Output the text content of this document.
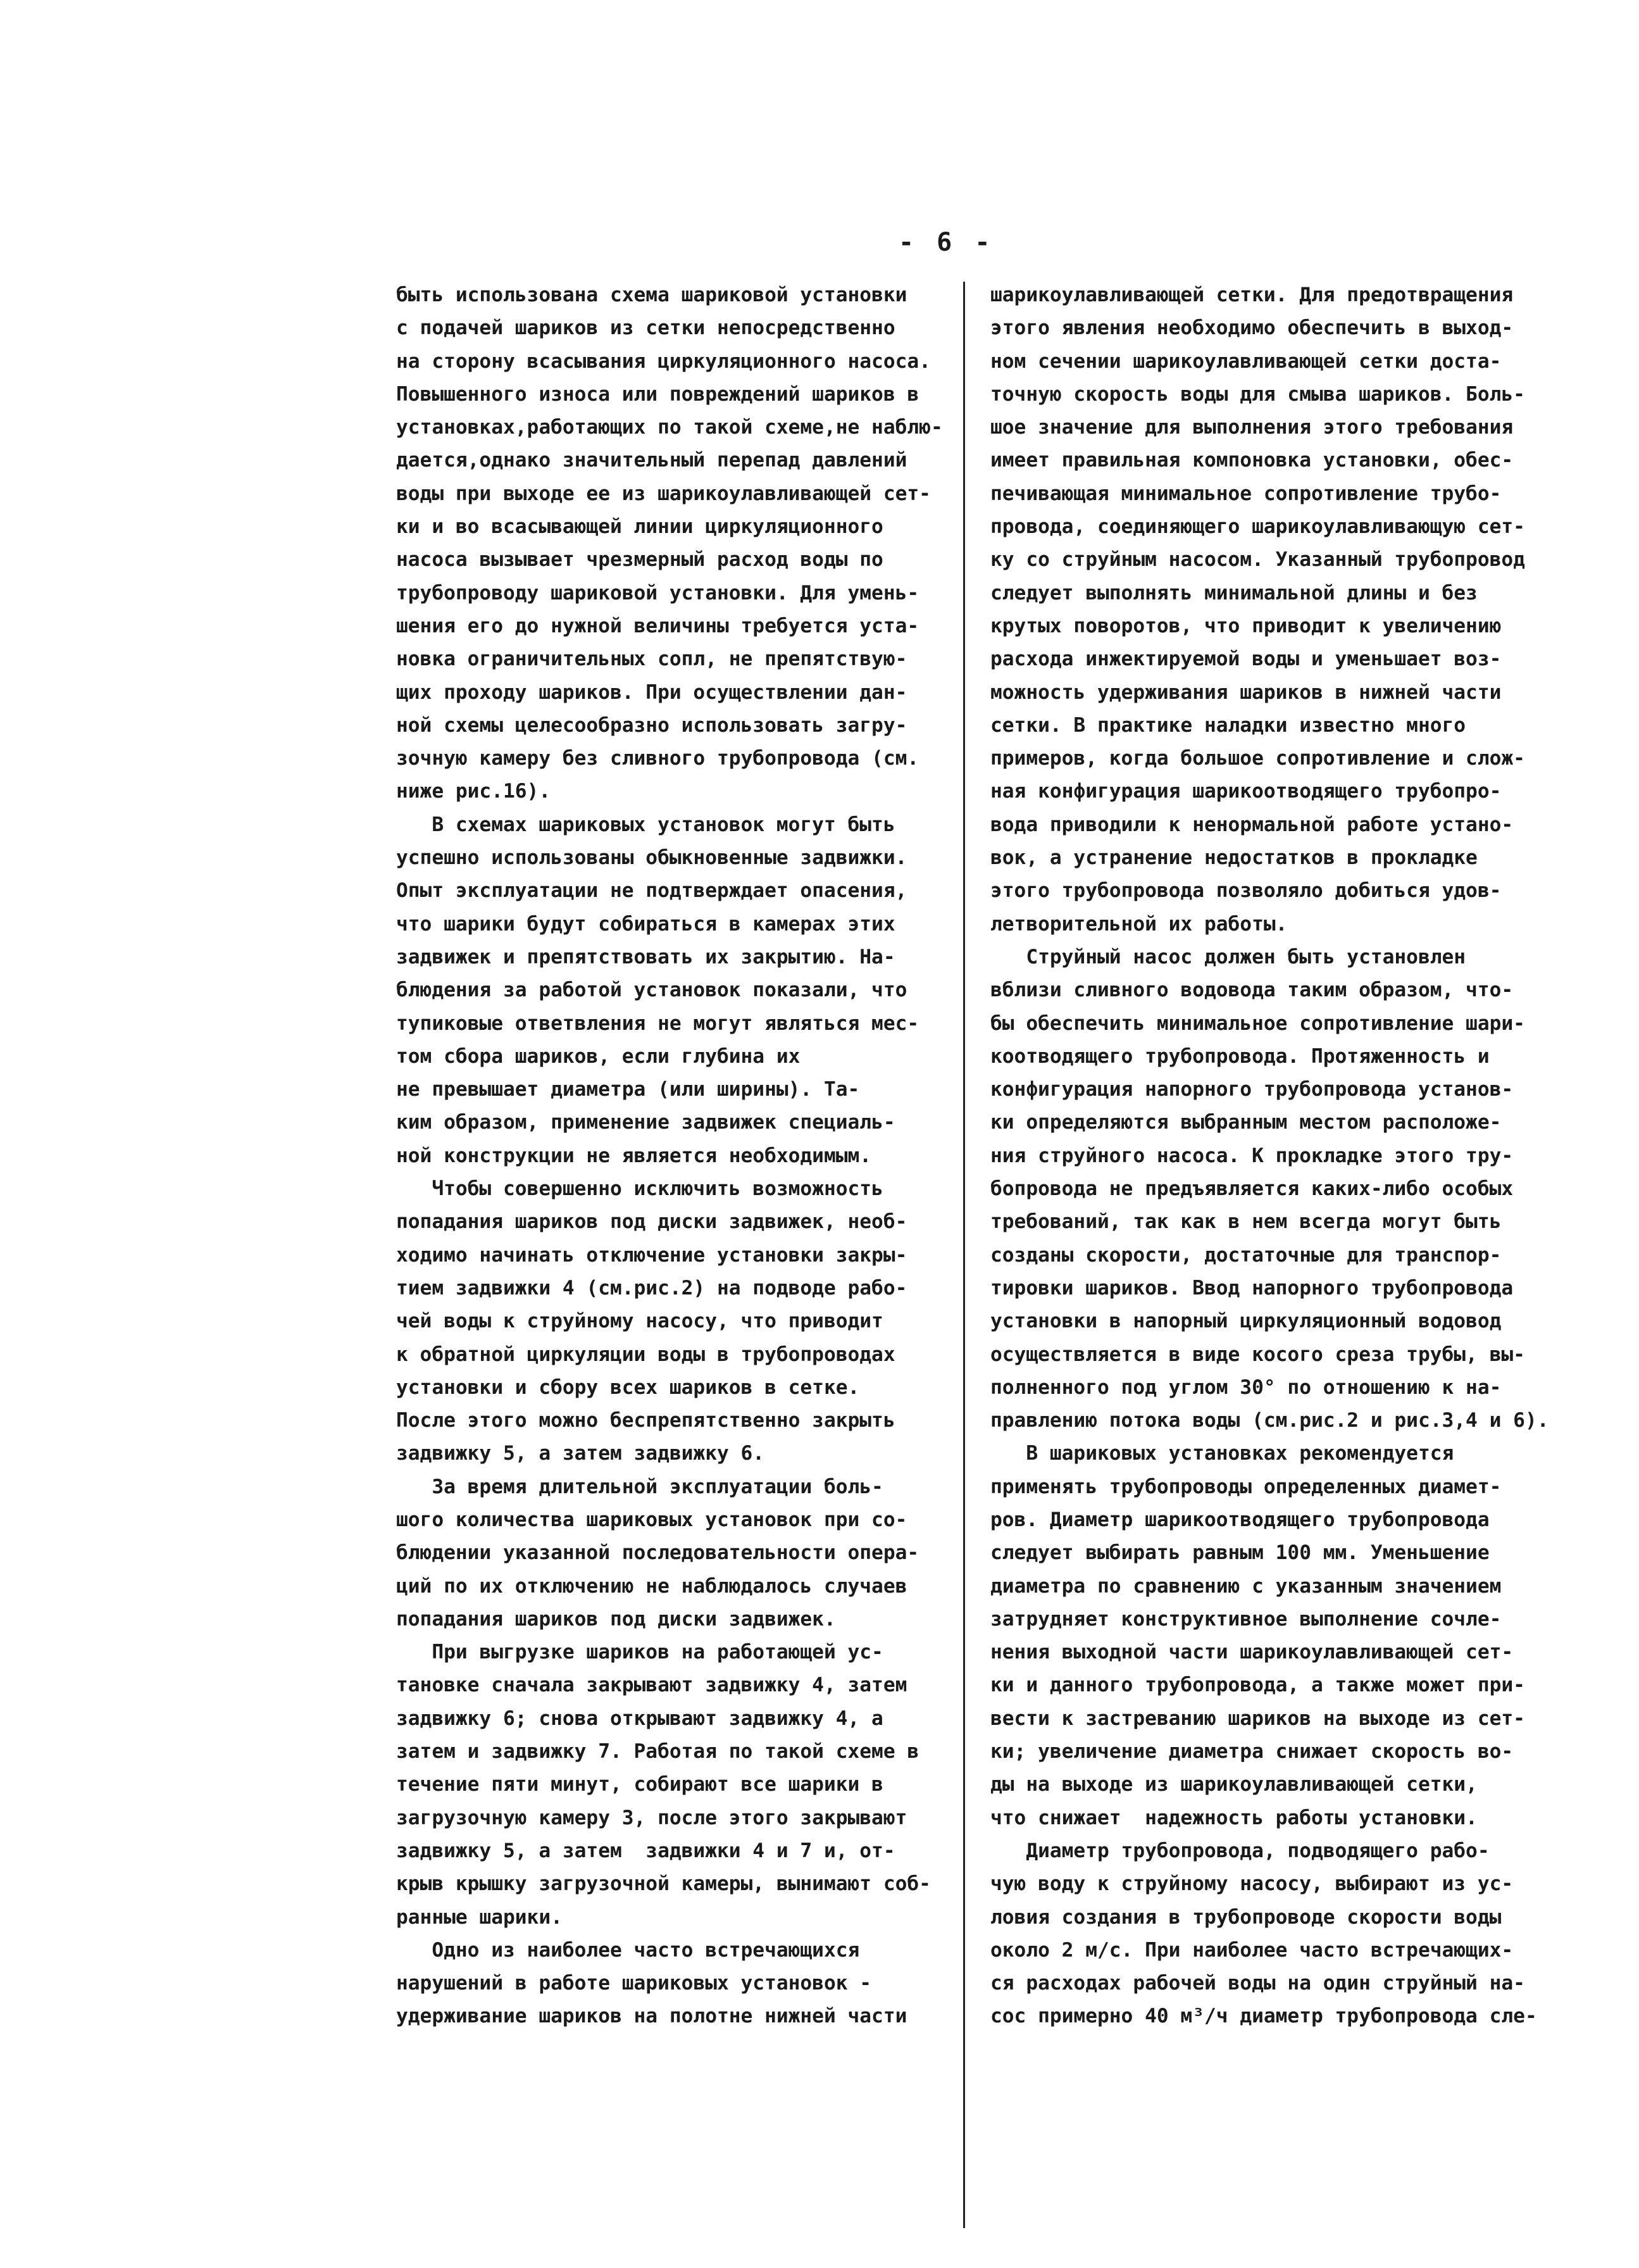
- 6 -
быть использована схема шариковой установки
с подачей шариков из сетки непосредственно
на сторону всасывания циркуляционного насоса.
Повышенного износа или повреждений шариков в
установках,работающих по такой схеме,не наблю-
дается,однако значительный перепад давлений
воды при выходе ее из шарикоулавливающей сет-
ки и во всасывающей линии циркуляционного
насоса вызывает чрезмерный расход воды по
трубопроводу шариковой установки. Для умень-
шения его до нужной величины требуется уста-
новка ограничительных сопл, не препятствую-
щих проходу шариков. При осуществлении дан-
ной схемы целесообразно использовать загру-
зочную камеру без сливного трубопровода (см.
ниже рис.16).
В схемах шариковых установок могут быть
успешно использованы обыкновенные задвижки.
Опыт эксплуатации не подтверждает опасения,
что шарики будут собираться в камерах этих
задвижек и препятствовать их закрытию. На-
блюдения за работой установок показали, что
тупиковые ответвления не могут являться мес-
том сбора шариков, если глубина их
не превышает диаметра (или ширины). Та-
ким образом, применение задвижек специаль-
ной конструкции не является необходимым.
Чтобы совершенно исключить возможность
попадания шариков под диски задвижек, необ-
ходимо начинать отключение установки закры-
тием задвижки 4 (см.рис.2) на подводе рабо-
чей воды к струйному насосу, что приводит
к обратной циркуляции воды в трубопроводах
установки и сбору всех шариков в сетке.
После этого можно беспрепятственно закрыть
задвижку 5, а затем задвижку 6.
За время длительной эксплуатации боль-
шого количества шариковых установок при со-
блюдении указанной последовательности опера-
ций по их отключению не наблюдалось случаев
попадания шариков под диски задвижек.
При выгрузке шариков на работающей ус-
тановке сначала закрывают задвижку 4, затем
задвижку 6; снова открывают задвижку 4, а
затем и задвижку 7. Работая по такой схеме в
течение пяти минут, собирают все шарики в
загрузочную камеру 3, после этого закрывают
задвижку 5, а затем  задвижки 4 и 7 и, от-
крыв крышку загрузочной камеры, вынимают соб-
ранные шарики.
Одно из наиболее часто встречающихся
нарушений в работе шариковых установок -
удерживание шариков на полотне нижней части
шарикоулавливающей сетки. Для предотвращения
этого явления необходимо обеспечить в выход-
ном сечении шарикоулавливающей сетки доста-
точную скорость воды для смыва шариков. Боль-
шое значение для выполнения этого требования
имеет правильная компоновка установки, обес-
печивающая минимальное сопротивление трубо-
провода, соединяющего шарикоулавливающую сет-
ку со струйным насосом. Указанный трубопровод
следует выполнять минимальной длины и без
крутых поворотов, что приводит к увеличению
расхода инжектируемой воды и уменьшает воз-
можность удерживания шариков в нижней части
сетки. В практике наладки известно много
примеров, когда большое сопротивление и слож-
ная конфигурация шарикоотводящего трубопро-
вода приводили к ненормальной работе устано-
вок, а устранение недостатков в прокладке
этого трубопровода позволяло добиться удов-
летворительной их работы.
Струйный насос должен быть установлен
вблизи сливного водовода таким образом, что-
бы обеспечить минимальное сопротивление шари-
коотводящего трубопровода. Протяженность и
конфигурация напорного трубопровода установ-
ки определяются выбранным местом расположе-
ния струйного насоса. К прокладке этого тру-
бопровода не предъявляется каких-либо особых
требований, так как в нем всегда могут быть
созданы скорости, достаточные для транспор-
тировки шариков. Ввод напорного трубопровода
установки в напорный циркуляционный водовод
осуществляется в виде косого среза трубы, вы-
полненного под углом 30° по отношению к на-
правлению потока воды (см.рис.2 и рис.3,4 и 6).
В шариковых установках рекомендуется
применять трубопроводы определенных диамет-
ров. Диаметр шарикоотводящего трубопровода
следует выбирать равным 100 мм. Уменьшение
диаметра по сравнению с указанным значением
затрудняет конструктивное выполнение сочле-
нения выходной части шарикоулавливающей сет-
ки и данного трубопровода, а также может при-
вести к застреванию шариков на выходе из сет-
ки; увеличение диаметра снижает скорость во-
ды на выходе из шарикоулавливающей сетки,
что снижает  надежность работы установки.
Диаметр трубопровода, подводящего рабо-
чую воду к струйному насосу, выбирают из ус-
ловия создания в трубопроводе скорости воды
около 2 м/с. При наиболее часто встречающих-
ся расходах рабочей воды на один струйный на-
сос примерно 40 м³/ч диаметр трубопровода сле-
